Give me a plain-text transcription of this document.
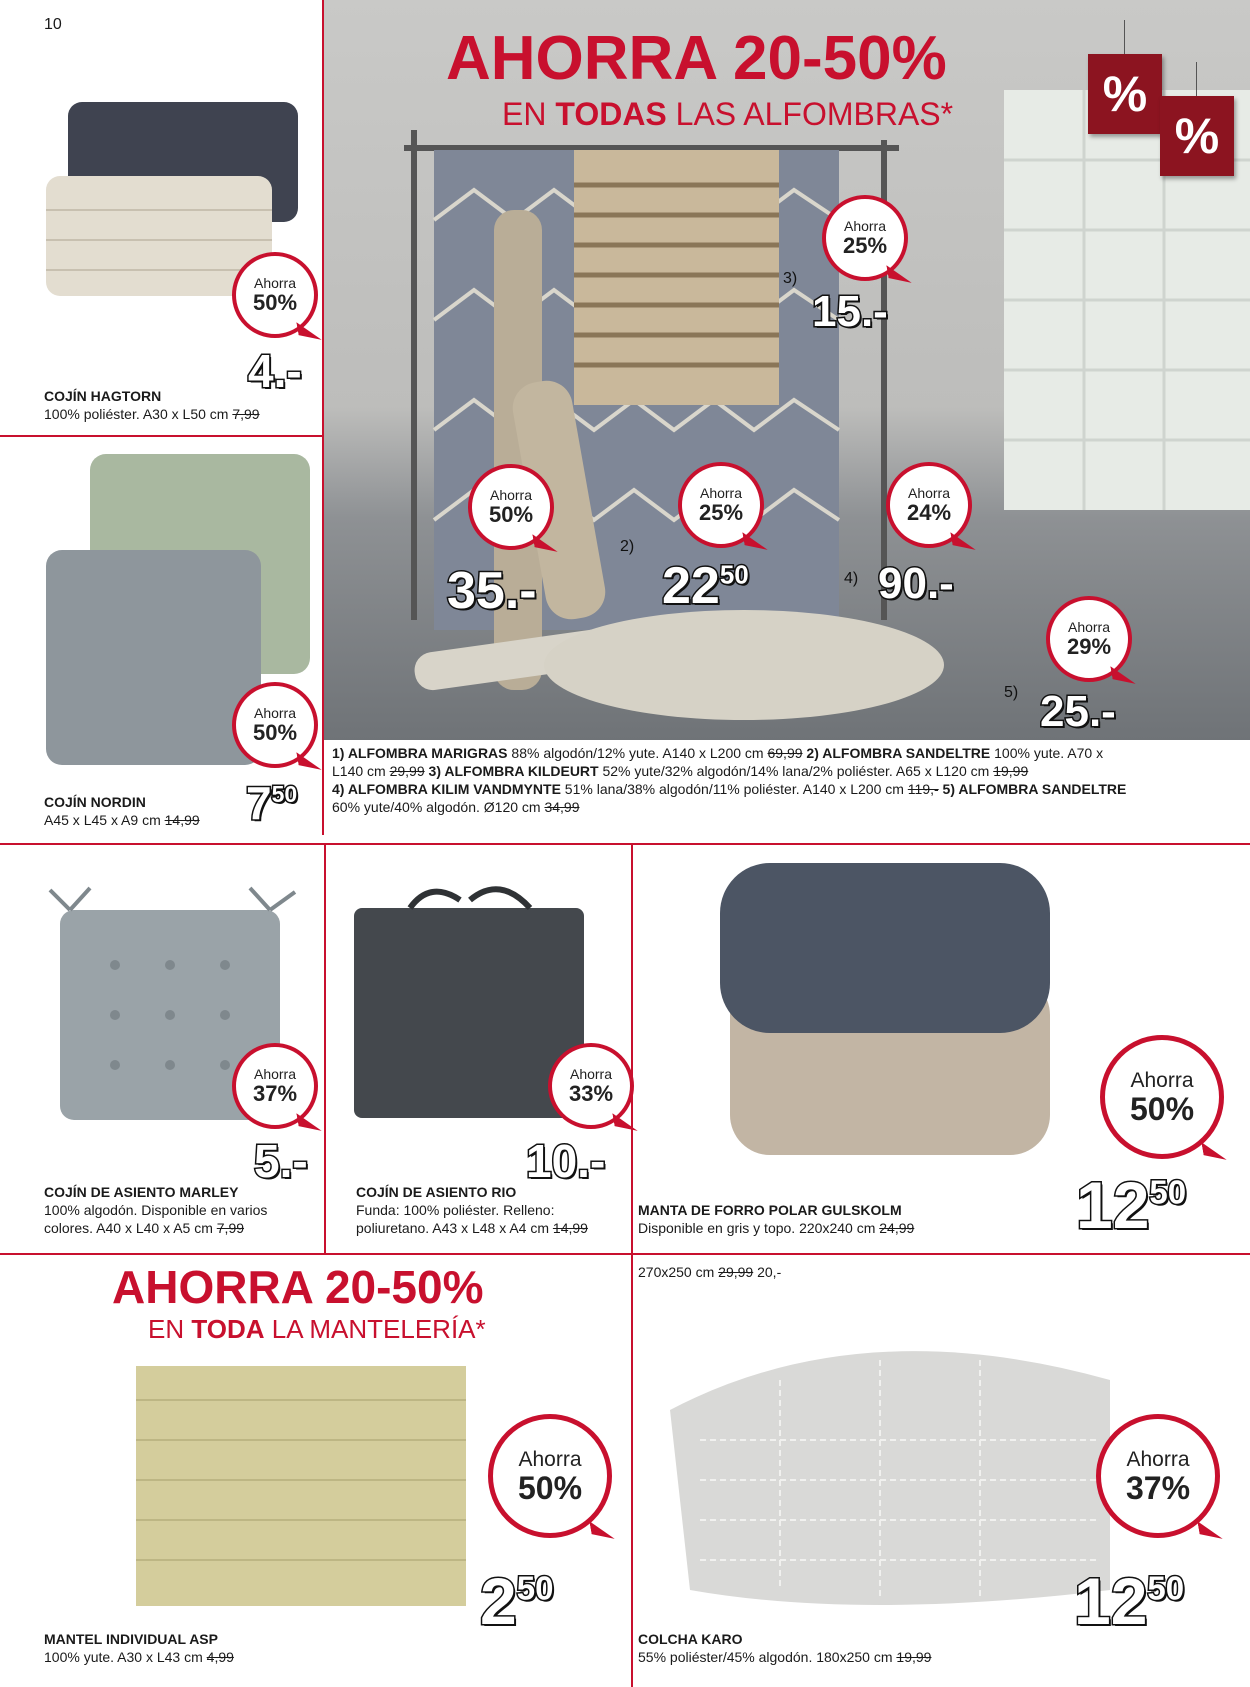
10	AHORRA 20-50%
EN TODAS LAS ALFOMBRAS*	%
%
Ahorra
50%
35.-
2)
Ahorra
25%
$22^{50}$
3)
Ahorra
25%
15.-
4)
Ahorra
24%
90.-
5)
Ahorra
29%
25.-
1) ALFOMBRA MARIGRAS 88% algodón/12% yute. A140 x L200 cm 69,99 2) ALFOMBRA SANDELTRE 100% yute. A70 x L140 cm 29,99 3) ALFOMBRA KILDEURT 52% yute/32% algodón/14% lana/2% poliéster. A65 x L120 cm 19,99
4) ALFOMBRA KILIM VANDMYNTE 51% lana/38% algodón/11% poliéster. A140 x L200 cm 119,- 5) ALFOMBRA SANDELTRE 60% yute/40% algodón. Ø120 cm 34,99
Ahorra
50%
4.-
COJÍN HAGTORN
100% poliéster. A30 x L50 cm 7,99
Ahorra
50%
$7^{50}$
COJÍN NORDIN
A45 x L45 x A9 cm 14,99
Ahorra
37%
5.-
COJÍN DE ASIENTO MARLEY
100% algodón. Disponible en varios
colores. A40 x L40 x A5 cm 7,99
Ahorra
33%
10.-
COJÍN DE ASIENTO RIO
Funda: 100% poliéster. Relleno:
poliuretano. A43 x L48 x A4 cm 14,99
Ahorra
50%
$12^{50}$
MANTA DE FORRO POLAR GULSKOLM
Disponible en gris y topo. 220x240 cm 24,99
AHORRA 20-50%
EN TODA LA MANTELERÍA*
Ahorra
50%
$2^{50}$
MANTEL INDIVIDUAL ASP
100% yute. A30 x L43 cm 4,99
270x250 cm 29,99 20,-
Ahorra
37%
$12^{50}$
COLCHA KARO
55% poliéster/45% algodón. 180x250 cm 19,99
